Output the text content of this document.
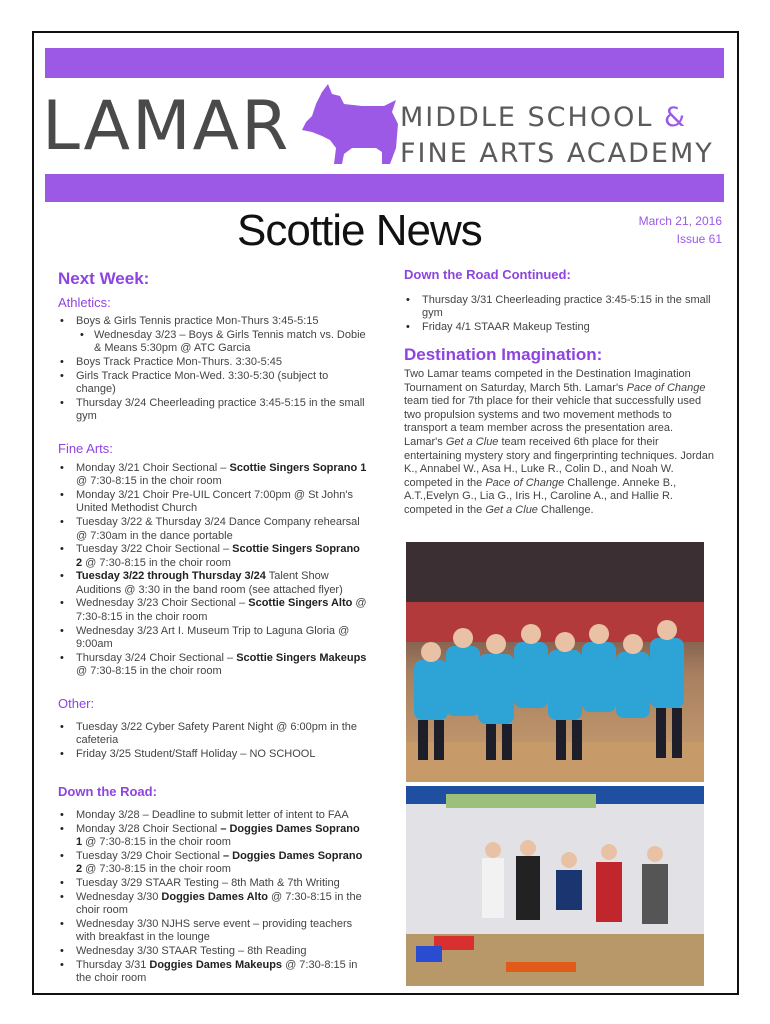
LAMAR	MIDDLE SCHOOL &
FINE ARTS ACADEMY
Scottie News	March 21, 2016
Issue 61
Next Week:
Athletics:
• Boys & Girls Tennis practice Mon-Thurs 3:45-5:15
• Wednesday 3/23 – Boys & Girls Tennis match vs. Dobie & Means 5:30pm @ ATC Garcia
• Boys Track Practice Mon-Thurs. 3:30-5:45
• Girls Track Practice Mon-Wed. 3:30-5:30 (subject to change)
• Thursday 3/24 Cheerleading practice 3:45-5:15 in the small gym
Fine Arts:
• Monday 3/21 Choir Sectional – Scottie Singers Soprano 1 @ 7:30-8:15 in the choir room
• Monday 3/21 Choir Pre-UIL Concert 7:00pm @ St John's United Methodist Church
• Tuesday 3/22 & Thursday 3/24 Dance Company rehearsal @ 7:30am in the dance portable
• Tuesday 3/22 Choir Sectional – Scottie Singers Soprano 2 @ 7:30-8:15 in the choir room
• Tuesday 3/22 through Thursday 3/24 Talent Show Auditions @ 3:30 in the band room (see attached flyer)
• Wednesday 3/23 Choir Sectional – Scottie Singers Alto @ 7:30-8:15 in the choir room
• Wednesday 3/23 Art I. Museum Trip to Laguna Gloria @ 9:00am
• Thursday 3/24 Choir Sectional – Scottie Singers Makeups @ 7:30-8:15 in the choir room
Other:
• Tuesday 3/22 Cyber Safety Parent Night @ 6:00pm in the cafeteria
• Friday 3/25 Student/Staff Holiday – NO SCHOOL
Down the Road:
• Monday 3/28 – Deadline to submit letter of intent to FAA
• Monday 3/28 Choir Sectional – Doggies Dames Soprano 1 @ 7:30-8:15 in the choir room
• Tuesday 3/29 Choir Sectional – Doggies Dames Soprano 2 @ 7:30-8:15 in the choir room
• Tuesday 3/29 STAAR Testing – 8th Math & 7th Writing
• Wednesday 3/30 Doggies Dames Alto @ 7:30-8:15 in the choir room
• Wednesday 3/30 NJHS serve event – providing teachers with breakfast in the lounge
• Wednesday 3/30 STAAR Testing – 8th Reading
• Thursday 3/31 Doggies Dames Makeups @ 7:30-8:15 in the choir room
Down the Road Continued:
• Thursday 3/31 Cheerleading practice 3:45-5:15 in the small gym
• Friday 4/1 STAAR Makeup Testing
Destination Imagination:

Two Lamar teams competed in the Destination Imagination Tournament on Saturday, March 5th. Lamar's Pace of Change team tied for 7th place for their vehicle that successfully used two propulsion systems and two movement methods to transport a team member across the presentation area. Lamar's Get a Clue team received 6th place for their entertaining mystery story and fingerprinting techniques. Jordan K., Annabel W., Asa H., Luke R., Colin D., and Noah W. competed in the Pace of Change Challenge. Anneke B., A.T.,Evelyn G., Lia G., Iris H., Caroline A., and Hallie R. competed in the Get a Clue Challenge.
